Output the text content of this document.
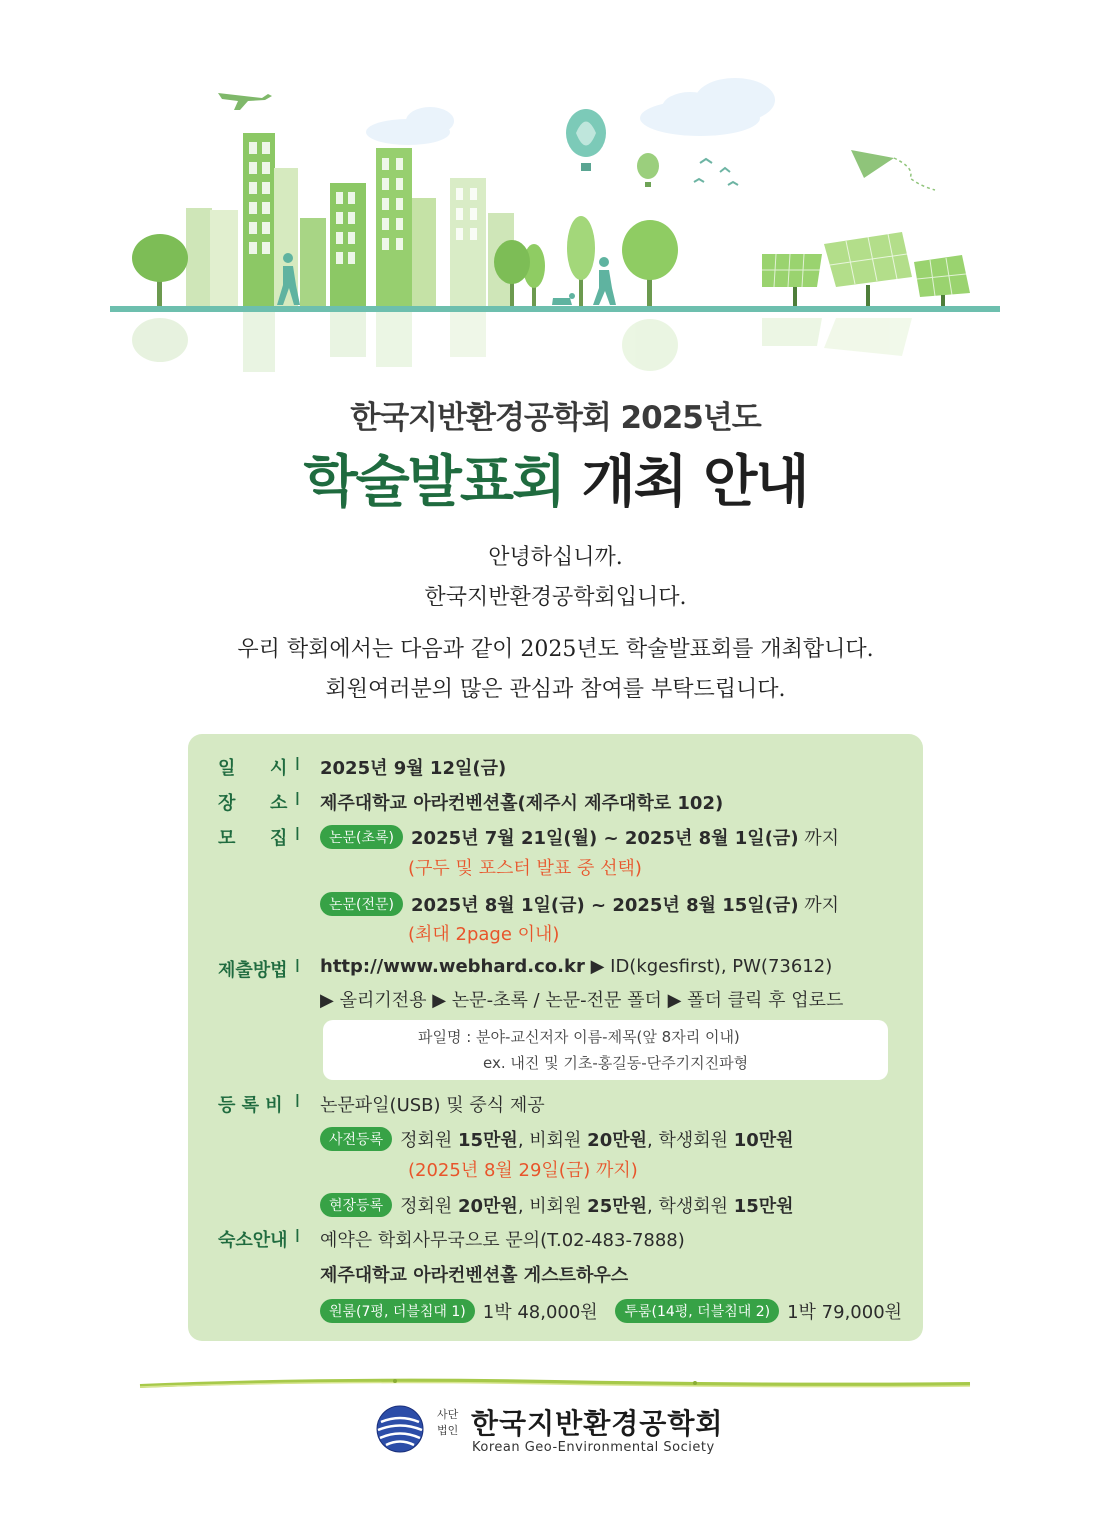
한국지반환경공학회 2025년도
학술발표회 개최 안내
안녕하십니까.
한국지반환경공학회입니다.
우리 학회에서는 다음과 같이 2025년도 학술발표회를 개최합니다.
회원여러분의 많은 관심과 참여를 부탁드립니다.
일 시 I 2025년 9월 12일(금)
장 소 I 제주대학교 아라컨벤션홀(제주시 제주대학로 102)
모 집 I	논문(초록) 2025년 7월 21일(월) ~ 2025년 8월 1일(금) 까지
(구두 및 포스터 발표 중 선택)
논문(전문) 2025년 8월 1일(금) ~ 2025년 8월 15일(금) 까지
(최대 2page 이내)
제출방법 I http://www.webhard.co.kr ▶ ID(kgesfirst), PW(73612)
▶ 올리기전용 ▶ 논문-초록 / 논문-전문 폴더 ▶ 폴더 클릭 후 업로드
파일명 : 분야-교신저자 이름-제목(앞 8자리 이내)
ex. 내진 및 기초-홍길동-단주기지진파형
등 록 비 I 논문파일(USB) 및 중식 제공
사전등록 정회원 15만원, 비회원 20만원, 학생회원 10만원
(2025년 8월 29일(금) 까지)
현장등록 정회원 20만원, 비회원 25만원, 학생회원 15만원
숙소안내 I 예약은 학회사무국으로 문의(T.02-483-7888)
제주대학교 아라컨벤션홀 게스트하우스
원룸(7평, 더블침대 1) 1박 48,000원 투룸(14평, 더블침대 2) 1박 79,000원
사단
법인 한국지반환경공학회
Korean Geo-Environmental Society
